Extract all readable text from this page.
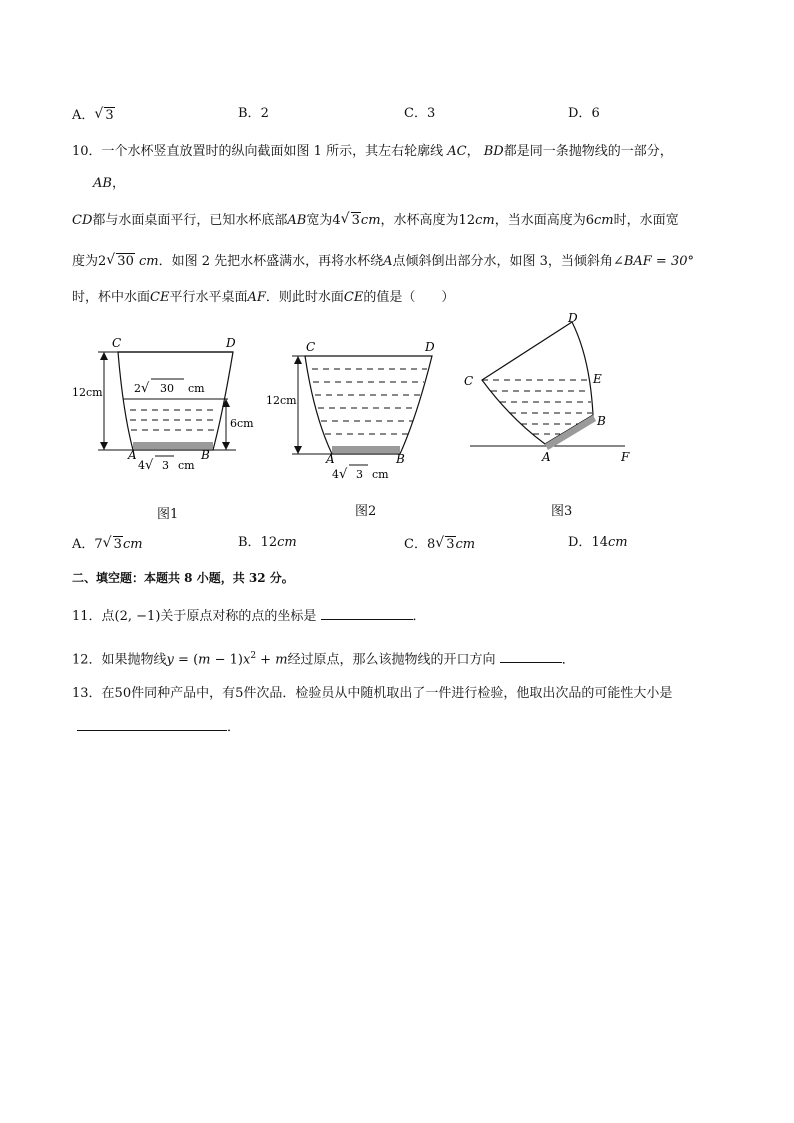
A． √ 3	B．2	C．3	D．6
10．一个水杯竖直放置时的纵向截面如图 1 所示，其左右轮廓线 AC， BD都是同一条抛物线的一部分，
AB，
CD都与水面桌面平行，已知水杯底部AB宽为4 √ 3cm，水杯高度为12cm，当水面高度为6cm时，水面宽
度为2 √ 30 cm．如图 2 先把水杯盛满水，再将水杯绕A点倾斜倒出部分水，如图 3，当倾斜角∠BAF = 30°
时，杯中水面CE平行水平桌面AF．则此时水面CE的值是（　　）
C	D
A	B
12cm
6cm
2 √ 30 cm
4 √ 3 cm
C	D
A	B
12cm
4 √ 3 cm
D
C	E
B
A	F
图1	图2	图3
A．7 √ 3cm	B．12cm	C．8 √ 3cm	D．14cm
二、填空题：本题共 8 小题，共 32 分。
11．点(2, −1)关于原点对称的点的坐标是	．
12．如果抛物线$y = (m - 1)x^2 + m$经过原点，那么该抛物线的开口方向	．
13．在50件同种产品中，有5件次品．检验员从中随机取出了一件进行检验，他取出次品的可能性大小是
．
